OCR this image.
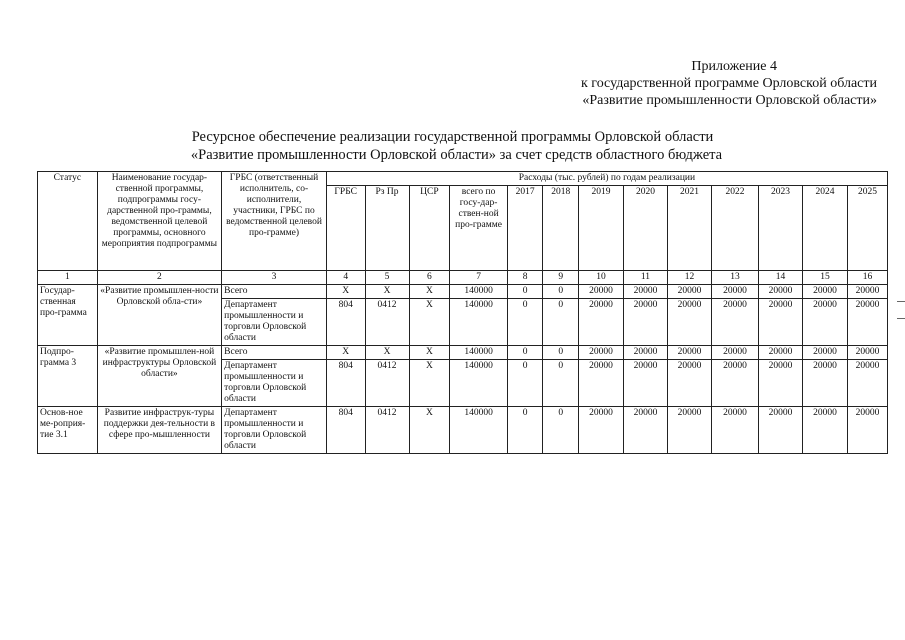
Приложение 4
к государственной программе Орловской области
«Развитие промышленности Орловской области»
Ресурсное обеспечение реализации государственной программы Орловской области
«Развитие промышленности Орловской области» за счет средств областного бюджета
Статус	Наименование государ-ственной программы, подпрограммы госу-дарственной про-граммы, ведомственной целевой программы, основного мероприятия подпрограммы	ГРБС (ответственный исполнитель, со-исполнители, участники, ГРБС по ведомственной целевой про-грамме)	Расходы (тыс. рублей) по годам реализации												
			ГРБС	Рз Пр	ЦСР	всего по госу-дар-ствен-ной про-грамме	2017	2018	2019	2020	2021	2022	2023	2024	2025
1	2	3	4	5	6	7	8	9	10	11	12	13	14	15	16
Государ-ственная про-грамма	«Развитие промышлен-ности Орловской обла-сти»	Всего	X	X	X	140000	0	0	20000	20000	20000	20000	20000	20000	20000
		Департамент промышленности и торговли Орловской области	804	0412	X	140000	0	0	20000	20000	20000	20000	20000	20000	20000
Подпро-грамма 3	«Развитие промышлен-ной инфраструктуры Орловской области»	Всего	X	X	X	140000	0	0	20000	20000	20000	20000	20000	20000	20000
		Департамент промышленности и торговли Орловской области	804	0412	X	140000	0	0	20000	20000	20000	20000	20000	20000	20000
Основ-ное ме-роприя-тие 3.1	Развитие инфраструк-туры поддержки дея-тельности в сфере про-мышленности	Департамент промышленности и торговли Орловской области	804	0412	X	140000	0	0	20000	20000	20000	20000	20000	20000	20000
